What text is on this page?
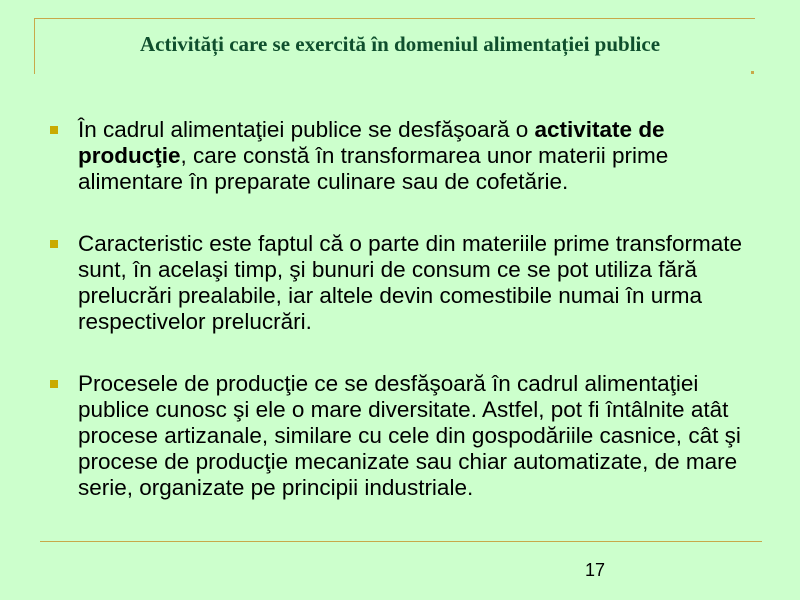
Activități care se exercită în domeniul alimentației publice
În cadrul alimentaţiei publice se desfăşoară o activitate de producţie, care constă în transformarea unor materii prime alimentare în preparate culinare sau de cofetărie.
Caracteristic este faptul că o parte din materiile prime transformate sunt, în acelaşi timp, şi bunuri de consum ce se pot utiliza fără prelucrări prealabile, iar altele devin comestibile numai în urma respectivelor prelucrări.
Procesele de producţie ce se desfăşoară în cadrul alimentaţiei publice cunosc şi ele o mare diversitate. Astfel, pot fi întâlnite atât procese artizanale, similare cu cele din gospodăriile casnice, cât şi procese de producţie mecanizate sau chiar automatizate, de mare serie, organizate pe principii industriale.
17
